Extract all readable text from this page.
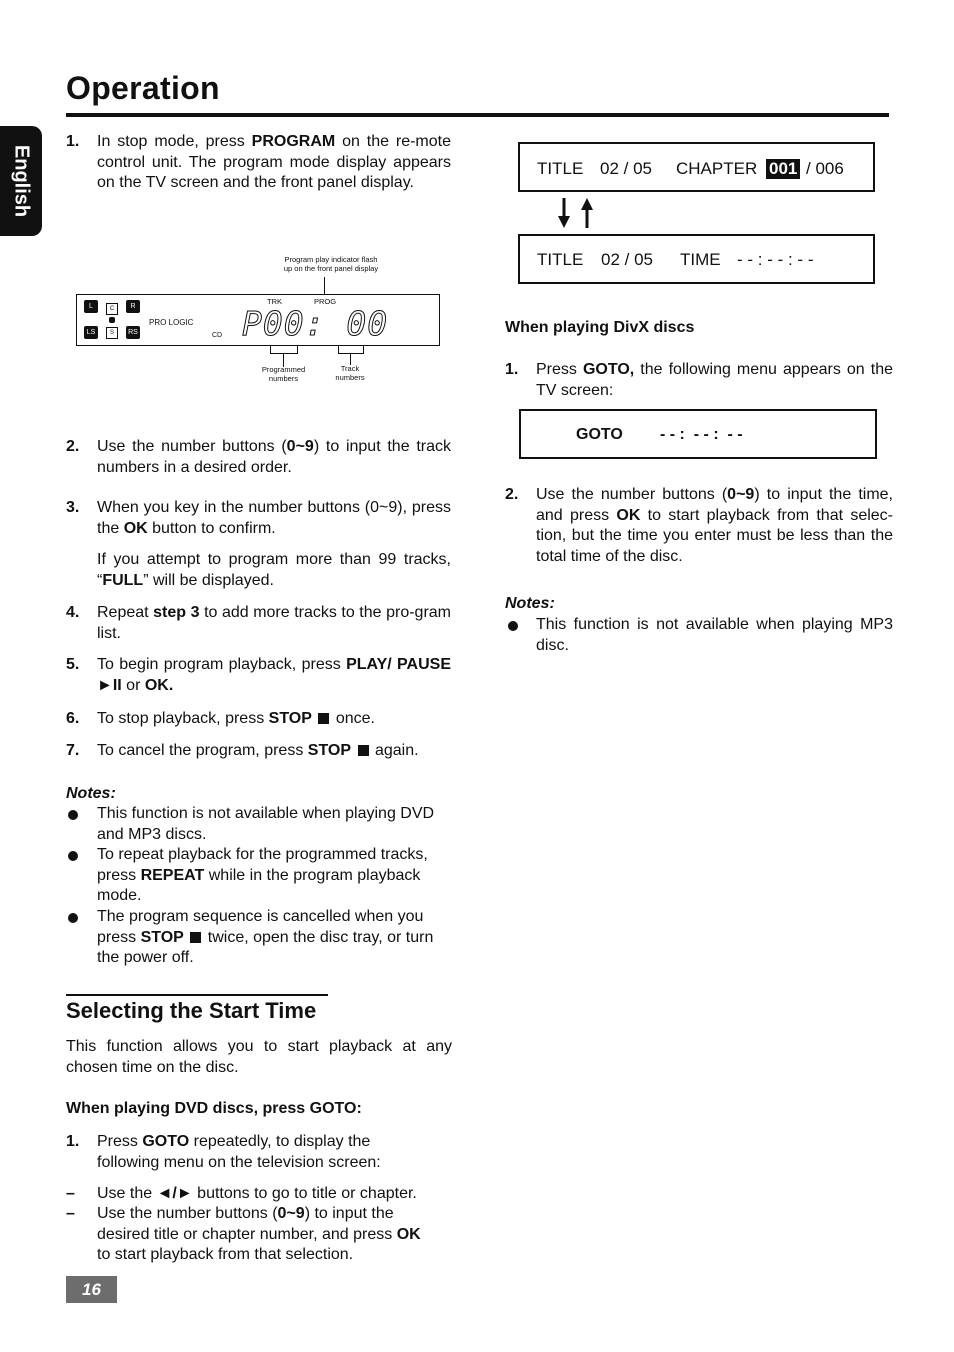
Operation
English
1. In stop mode, press PROGRAM on the re-mote control unit. The program mode display appears on the TV screen and the front panel display.
Program play indicator flash
up on the front panel display
L	C	R
LS	S	RS
PRO LOGIC
CD
TRK	PROG
P00: 00
Programmed
numbers
Track
numbers
2. Use the number buttons (0~9) to input the track numbers in a desired order.
3. When you key in the number buttons (0~9), press the OK button to confirm.
If you attempt to program more than 99 tracks, “FULL” will be displayed.
4. Repeat step 3 to add more tracks to the pro-gram list.
5. To begin program playback, press PLAY/ PAUSE ►II or OK.
6. To stop playback, press STOP  once.
7. To cancel the program, press STOP  again.
Notes:
This function is not available when playing DVD and MP3 discs.
To repeat playback for the programmed tracks, press REPEAT while in the program playback mode.
The program sequence is cancelled when you press STOP  twice, open the disc tray, or turn the power off.
Selecting the Start Time
This function allows you to start playback at any chosen time on the disc.
When playing DVD discs, press GOTO:
1. Press GOTO repeatedly, to display the following menu on the television screen:
– Use the ◄/► buttons to go to title or chapter.
– Use the number buttons (0~9) to input the desired title or chapter number, and press OK to start playback from that selection.
16
TITLE 02 / 05 CHAPTER 001 / 006
TITLE 02 / 05 TIME - - : - - : - -
When playing DivX discs
1. Press GOTO, the following menu appears on the TV screen:
GOTO - - :  - - :  - -
2. Use the number buttons (0~9) to input the time, and press OK to start playback from that selec-tion, but the time you enter must be less than the total time of the disc.
Notes:
This function is not available when playing MP3 disc.
